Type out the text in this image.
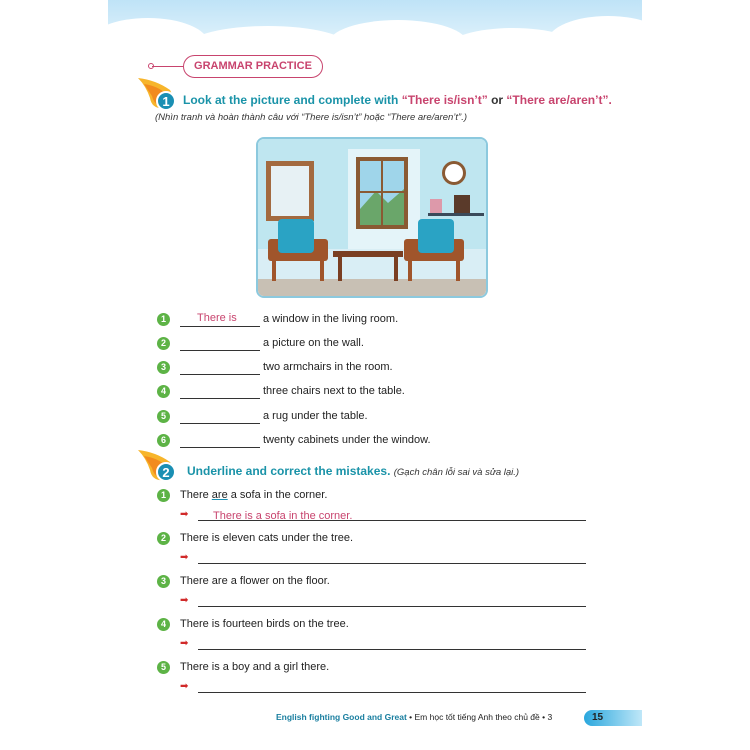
GRAMMAR PRACTICE
1	Look at the picture and complete with “There is/isn’t” or “There are/aren’t”.
(Nhìn tranh và hoàn thành câu với “There is/isn’t” hoặc “There are/aren’t”.)
1	There is a window in the living room.
2	a picture on the wall.
3	two armchairs in the room.
4	three chairs next to the table.
5	a rug under the table.
6	twenty cabinets under the window.
2	Underline and correct the mistakes. (Gạch chân lỗi sai và sửa lại.)
1 There are a sofa in the corner.
➡ There is a sofa in the corner.
2 There is eleven cats under the tree.
➡
3 There are a flower on the floor.
➡
4 There is fourteen birds on the tree.
➡
5 There is a boy and a girl there.
➡
English fighting Good and Great • Em học tốt tiếng Anh theo chủ đề • 3	15
